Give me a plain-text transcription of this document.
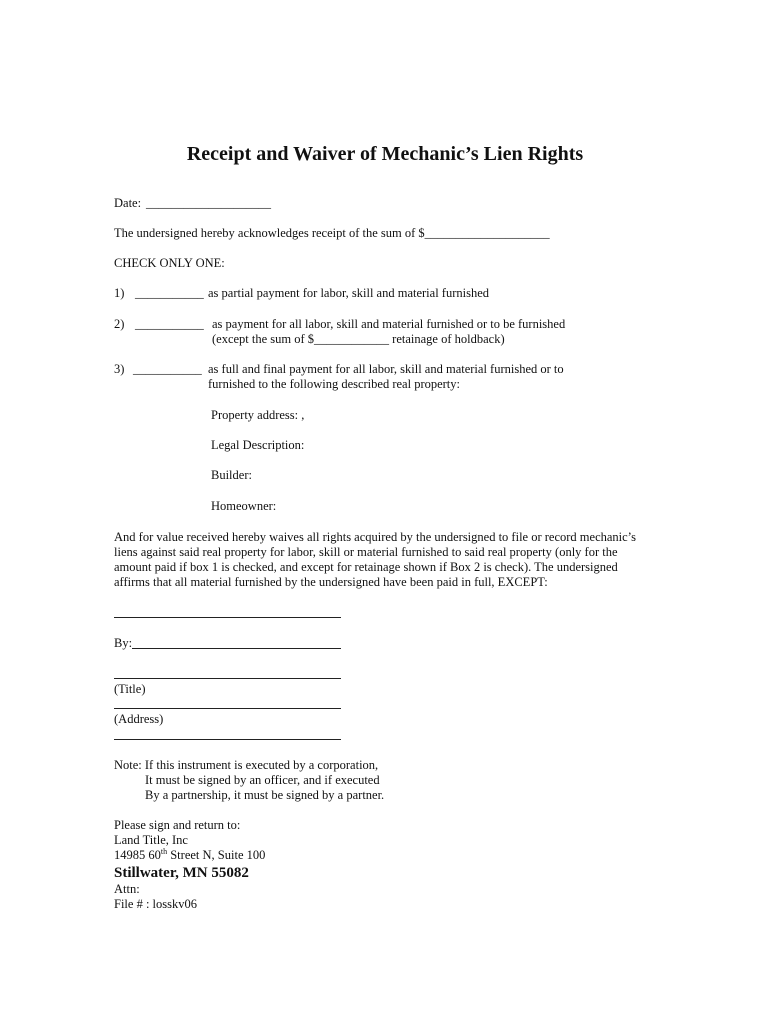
Receipt and Waiver of Mechanic’s Lien Rights
Date: ____________________
The undersigned hereby acknowledges receipt of the sum of $____________________
CHECK ONLY ONE:
1) ___________ as partial payment for labor, skill and material furnished
2) ___________ as payment for all labor, skill and material furnished or to be furnished
(except the sum of $____________ retainage of holdback)
3) ___________ as full and final payment for all labor, skill and material furnished or to
furnished to the following described real property:
Property address: ,
Legal Description:
Builder:
Homeowner:
And for value received hereby waives all rights acquired by the undersigned to file or record mechanic’s
liens against said real property for labor, skill or material furnished to said real property (only for the
amount paid if box 1 is checked, and except for retainage shown if Box 2 is check). The undersigned
affirms that all material furnished by the undersigned have been paid in full, EXCEPT:
By:
(Title)
(Address)
Note: If this instrument is executed by a corporation,
It must be signed by an officer, and if executed
By a partnership, it must be signed by a partner.
Please sign and return to:
Land Title, Inc
14985 60th Street N, Suite 100
Stillwater, MN 55082
Attn:
File # : losskv06
